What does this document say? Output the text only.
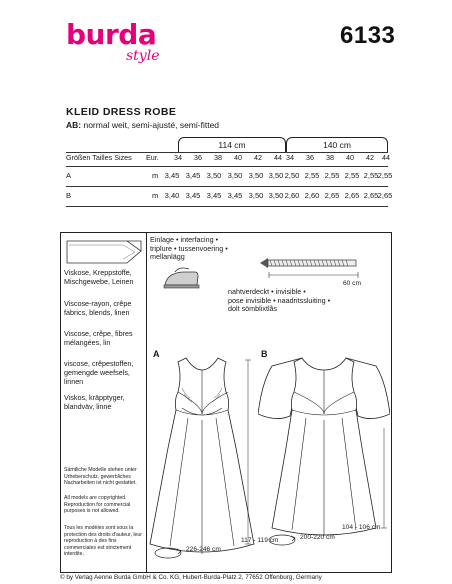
burda
style
6133
KLEID DRESS ROBE
AB: normal weit, semi-ajusté, semi-fitted
114 cm	140 cm
Größen Tailles Sizes Eur.	34	36	38	40	42	44 34	36	38	40	42	44
A	m 3,45 3,45 3,50 3,50 3,50 3,50 2,50 2,55 2,55 2,55 2,55 2,55
B	m 3,40 3,45 3,45 3,45 3,50 3,50 2,60 2,60 2,65 2,65 2,65 2,65
Viskose, Kreppstoffe, Mischgewebe, Leinen
Viscose-rayon, crêpe fabrics, blends, linen
Viscose, crêpe, fibres mélangées, lin
viscose, crêpestoffen, gemengde weefsels, linnen
Viskos, kräpptyger, blandväv, linne
Sämtliche Modelle stehen unter Urheberschutz, gewerbliches Nacharbeiten ist nicht gestattet.
All models are copyrighted. Reproduction for commercial purposes is not allowed.
Tous les modèles sont sous la protection des droits d'auteur, leur reproduction à des fins commerciales est strictement interdite.
Einlage • interfacing •
triplure • tussenvoering •
mellanlägg
60 cm
nahtverdeckt • invisible •
pose invisible • naadritssluiting •
dolt sömblixtlås
A	B
117 - 119 cm
226-246 cm
104 - 106 cm
200-220 cm
© by Verlag Aenne Burda GmbH & Co. KG, Hubert-Burda-Platz 2, 77652 Offenburg, Germany
